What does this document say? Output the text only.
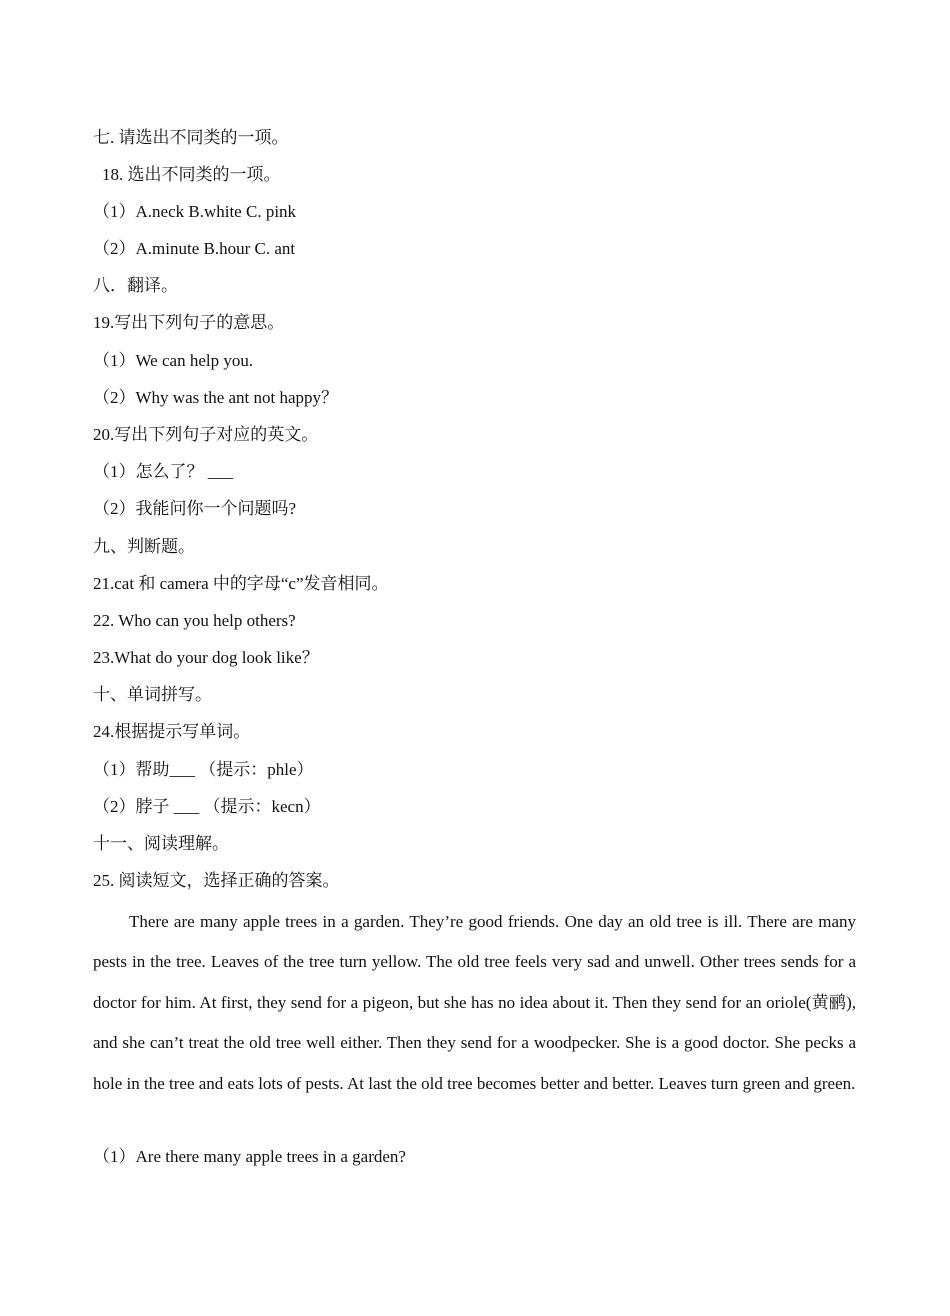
七. 请选出不同类的一项。
18. 选出不同类的一项。
（1）A.neck B.white C. pink
（2）A.minute B.hour C. ant
八．翻译。
19.写出下列句子的意思。
（1）We can help you.
（2）Why was the ant not happy？
20.写出下列句子对应的英文。
（1）怎么了？ ___
（2）我能问你一个问题吗?
九、判断题。
21.cat 和 camera 中的字母“c”发音相同。
22. Who can you help others?
23.What do your dog look like？
十、单词拼写。
24.根据提示写单词。
（1）帮助___ （提示：phle）
（2）脖子 ___ （提示：kecn）
十一、阅读理解。
25. 阅读短文，选择正确的答案。
There are many apple trees in a garden. They’re good friends. One day an old tree is ill. There are many pests in the tree. Leaves of the tree turn yellow. The old tree feels very sad and unwell. Other trees sends for a doctor for him. At first, they send for a pigeon, but she has no idea about it. Then they send for an oriole(黄鹂), and she can’t treat the old tree well either. Then they send for a woodpecker. She is a good doctor. She pecks a hole in the tree and eats lots of pests. At last the old tree becomes better and better. Leaves turn green and green.
（1）Are there many apple trees in a garden?
